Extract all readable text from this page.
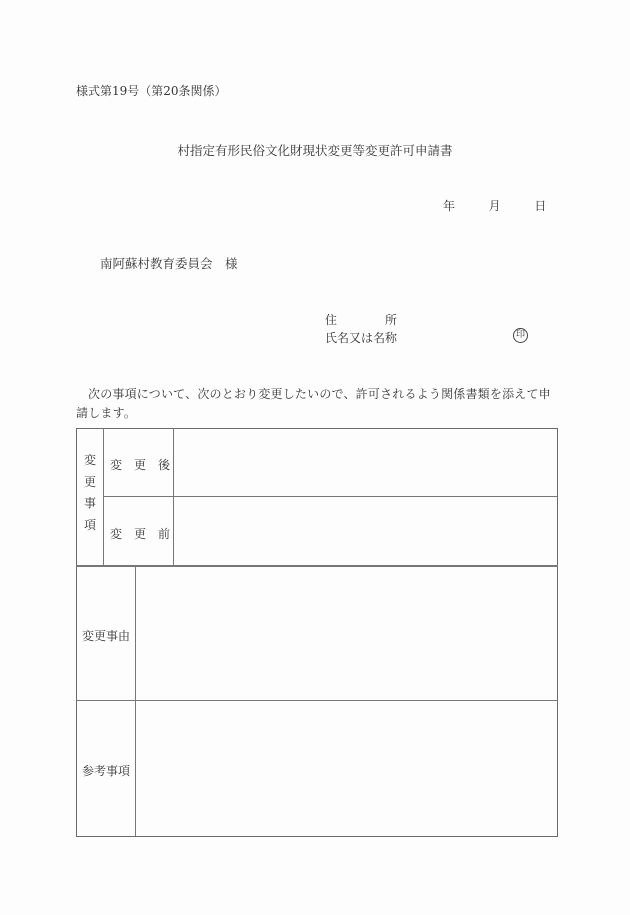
様式第19号（第20条関係）
村指定有形民俗文化財現状変更等変更許可申請書
年	月	日
南阿蘇村教育委員会　様
住　　　　所
氏名又は名称	印
次の事項について、次のとおり変更したいので、許可されるよう関係書類を添えて申請します。
変
更
事
項
変　更　後
変　更　前
変更事由
参考事項
